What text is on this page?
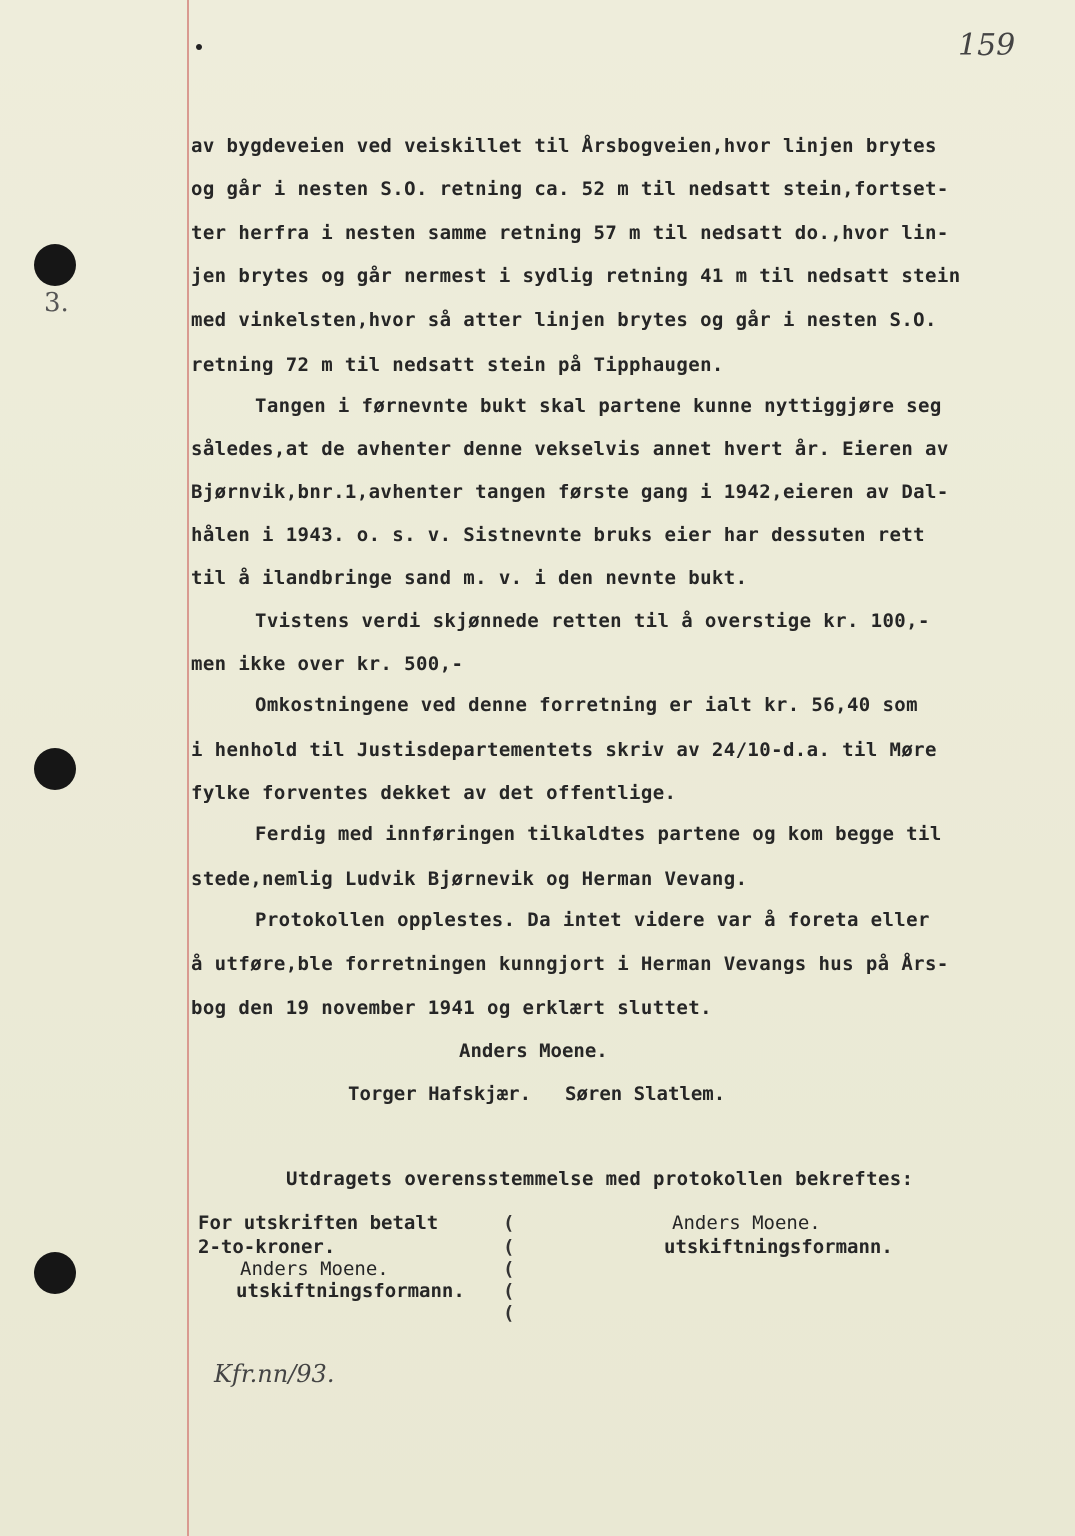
3.
159
av bygdeveien ved veiskillet til Årsbogveien,hvor linjen brytes
og går i nesten S.O. retning ca. 52 m til nedsatt stein,fortset-
ter herfra i nesten samme retning 57 m til nedsatt do.,hvor lin-
jen brytes og går nermest i sydlig retning 41 m til nedsatt stein
med vinkelsten,hvor så atter linjen brytes og går i nesten S.O.
retning 72 m til nedsatt stein på Tipphaugen.
Tangen i førnevnte bukt skal partene kunne nyttiggjøre seg
således,at de avhenter denne vekselvis annet hvert år. Eieren av
Bjørnvik,bnr.1,avhenter tangen første gang i 1942,eieren av Dal-
hålen i 1943. o. s. v. Sistnevnte bruks eier har dessuten rett
til å ilandbringe sand m. v. i den nevnte bukt.
Tvistens verdi skjønnede retten til å overstige kr. 100,-
men ikke over kr. 500,-
Omkostningene ved denne forretning er ialt kr. 56,40 som
i henhold til Justisdepartementets skriv av 24/10-d.a. til Møre
fylke forventes dekket av det offentlige.
Ferdig med innføringen tilkaldtes partene og kom begge til
stede,nemlig Ludvik Bjørnevik og Herman Vevang.
Protokollen opplestes. Da intet videre var å foreta eller
å utføre,ble forretningen kunngjort i Herman Vevangs hus på Års-
bog den 19 november 1941 og erklært sluttet.
Anders Moene.
Torger Hafskjær. Søren Slatlem.
Utdragets overensstemmelse med protokollen bekreftes:
For utskriften betalt
2-to-kroner.
Anders Moene.
utskiftningsformann.
(
(
(
(
(
Anders Moene.
utskiftningsformann.
Kfr.nn/93.
